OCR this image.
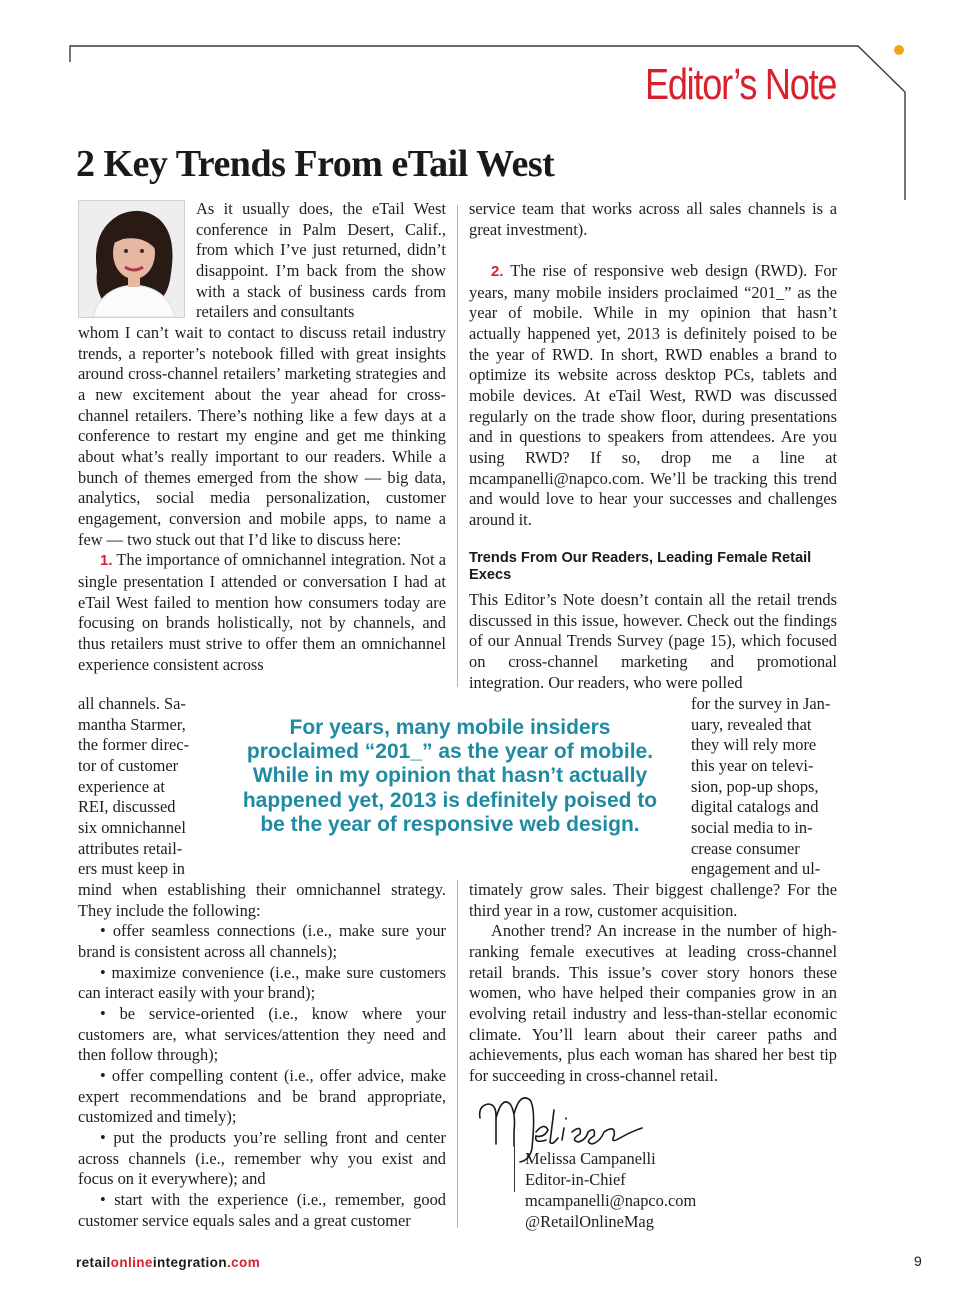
Editor’s Note
2 Key Trends From eTail West

As it usually does, the eTail West conference in Palm Desert, Calif., from which I’ve just returned, didn’t disappoint. I’m back from the show with a stack of business cards from retailers and consultants

whom I can’t wait to contact to discuss retail industry trends, a reporter’s notebook filled with great insights around cross-channel retailers’ marketing strategies and a new excitement about the year ahead for cross-channel retailers. There’s nothing like a few days at a conference to restart my engine and get me thinking about what’s really important to our readers. While a bunch of themes emerged from the show — big data, analytics, social media personalization, customer engagement, conversion and mobile apps, to name a few — two stuck out that I’d like to discuss here:

1. The importance of omnichannel integration. Not a single presentation I attended or conversation I had at eTail West failed to mention how consumers today are focusing on brands holistically, not by channels, and thus retailers must strive to offer them an omnichannel experience consistent across

all channels. Sa-

mantha Starmer,

the former direc-

tor of customer

experience at

REI, discussed

six omnichannel

attributes retail-

ers must keep in

mind when establishing their omnichannel strategy. They include the following:

• offer seamless connections (i.e., make sure your brand is consistent across all channels);

• maximize convenience (i.e., make sure customers can interact easily with your brand);

• be service-oriented (i.e., know where your customers are, what services/attention they need and then follow through);

• offer compelling content (i.e., offer advice, make expert recommendations and be brand appropriate, customized and timely);

• put the products you’re selling front and center across channels (i.e., remember why you exist and focus on it everywhere); and

• start with the experience (i.e., remember, good customer service equals sales and a great customer

service team that works across all sales channels is a great investment).

2. The rise of responsive web design (RWD). For years, many mobile insiders proclaimed “201_” as the year of mobile. While in my opinion that hasn’t actually happened yet, 2013 is definitely poised to be the year of RWD. In short, RWD enables a brand to optimize its website across desktop PCs, tablets and mobile devices. At eTail West, RWD was discussed regularly on the trade show floor, during presentations and in questions to speakers from attendees. Are you using RWD? If so, drop me a line at mcampanelli@napco.com. We’ll be tracking this trend and would love to hear your successes and challenges around it.

Trends From Our Readers, Leading Female Retail Execs

This Editor’s Note doesn’t contain all the retail trends discussed in this issue, however. Check out the findings of our Annual Trends Survey (page 15), which focused on cross-channel marketing and promotional integration. Our readers, who were polled

for the survey in Jan-

uary, revealed that

they will rely more

this year on televi-

sion, pop-up shops,

digital catalogs and

social media to in-

crease consumer

engagement and ul-

timately grow sales. Their biggest challenge? For the third year in a row, customer acquisition.

Another trend? An increase in the number of high-ranking female executives at leading cross-channel retail brands. This issue’s cover story honors these women, who have helped their companies grow in an evolving retail industry and less-than-stellar economic climate. You’ll learn about their career paths and achievements, plus each woman has shared her best tip for succeeding in cross-channel retail.

For years, many mobile insiders proclaimed “201_” as the year of mobile. While in my opinion that hasn’t actually happened yet, 2013 is definitely poised to be the year of responsive web design.

Melissa Campanelli
Editor-in-Chief
mcampanelli@napco.com
@RetailOnlineMag

retailonlineintegration.com	9
